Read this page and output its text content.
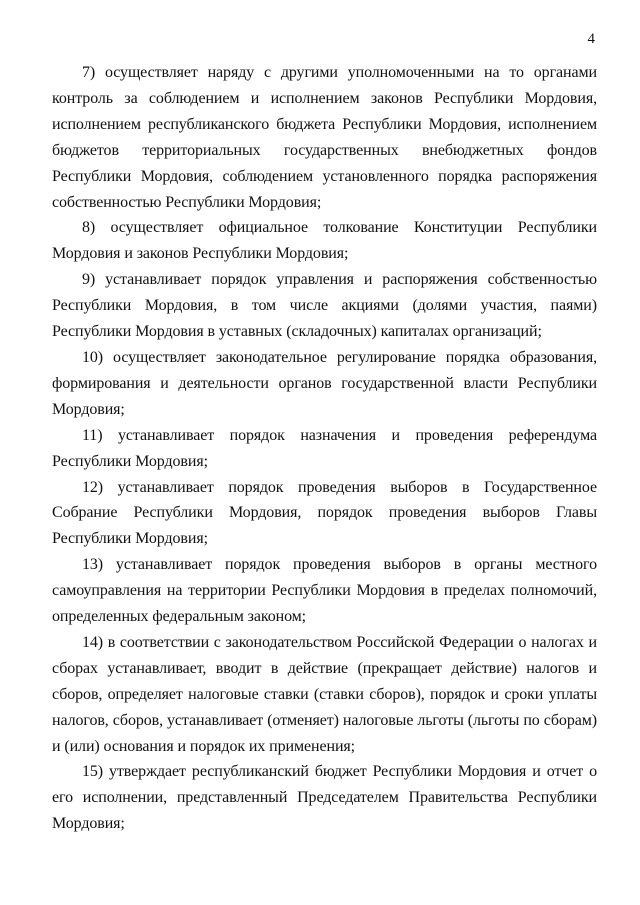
4

7) осуществляет наряду с другими уполномоченными на то органами контроль за соблюдением и исполнением законов Республики Мордовия, исполнением республиканского бюджета Республики Мордовия, исполнением бюджетов территориальных государственных внебюджетных фондов Республики Мордовия, соблюдением установленного порядка распоряжения собственностью Республики Мордовия;

8) осуществляет официальное толкование Конституции Республики Мордовия и законов Республики Мордовия;

9) устанавливает порядок управления и распоряжения собственностью Республики Мордовия, в том числе акциями (долями участия, паями) Республики Мордовия в уставных (складочных) капиталах организаций;

10) осуществляет законодательное регулирование порядка образования, формирования и деятельности органов государственной власти Республики Мордовия;

11) устанавливает порядок назначения и проведения референдума Республики Мордовия;

12) устанавливает порядок проведения выборов в Государственное Собрание Республики Мордовия, порядок проведения выборов Главы Республики Мордовия;

13) устанавливает порядок проведения выборов в органы местного самоуправления на территории Республики Мордовия в пределах полномочий, определенных федеральным законом;

14) в соответствии с законодательством Российской Федерации о налогах и сборах устанавливает, вводит в действие (прекращает действие) налогов и сборов, определяет налоговые ставки (ставки сборов), порядок и сроки уплаты налогов, сборов, устанавливает (отменяет) налоговые льготы (льготы по сборам) и (или) основания и порядок их применения;

15) утверждает республиканский бюджет Республики Мордовия и отчет о его исполнении, представленный Председателем Правительства Республики Мордовия;
